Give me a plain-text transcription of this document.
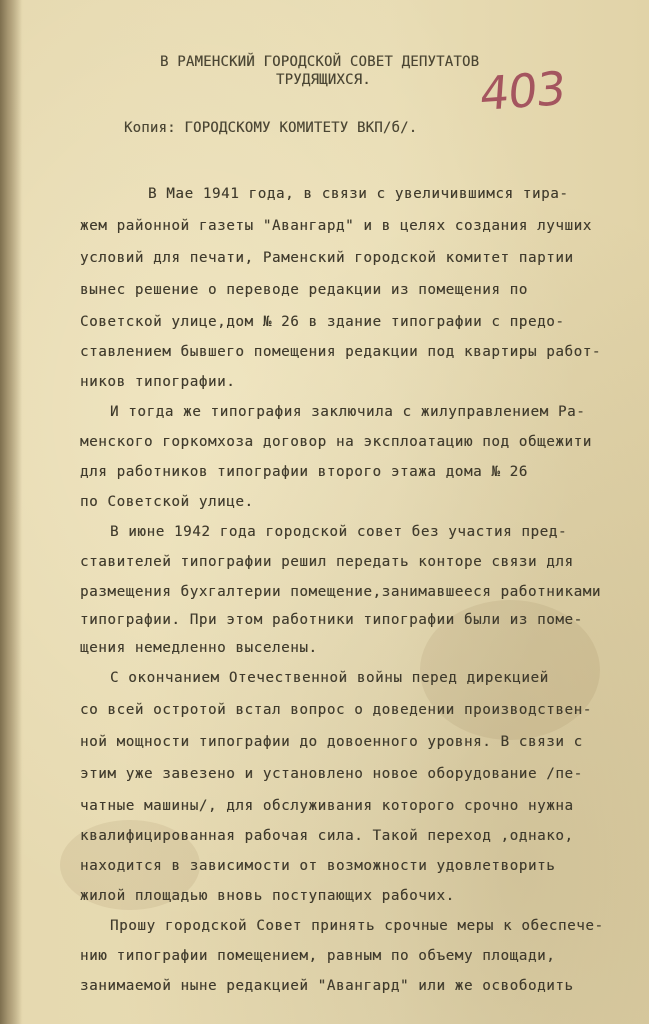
В РАМЕНСКИЙ ГОРОДСКОЙ СОВЕТ ДЕПУТАТОВ
ТРУДЯЩИХСЯ. 403
Копия: ГОРОДСКОМУ КОМИТЕТУ ВКП/б/.
В Мае 1941 года, в связи с увеличившимся тира-
жем районной газеты "Авангард" и в целях создания лучших
условий для печати, Раменский городской комитет партии
вынес решение о переводе редакции из помещения по
Советской улице,дом № 26 в здание типографии с предо-
ставлением бывшего помещения редакции под квартиры работ-
ников типографии.
И тогда же типография заключила с жилуправлением Ра-
менского горкомхоза договор на эксплоатацию под общежити
для работников типографии второго этажа дома № 26
по Советской улице.
В июне 1942 года городской совет без участия пред-
ставителей типографии решил передать конторе связи для
размещения бухгалтерии помещение,занимавшееся работниками
типографии. При этом работники типографии были из поме-
щения немедленно выселены.
С окончанием Отечественной войны перед дирекцией
со всей остротой встал вопрос о доведении производствен-
ной мощности типографии до довоенного уровня. В связи с
этим уже завезено и установлено новое оборудование /пе-
чатные машины/, для обслуживания которого срочно нужна
квалифицированная рабочая сила. Такой переход ,однако,
находится в зависимости от возможности удовлетворить
жилой площадью вновь поступающих рабочих.
Прошу городской Совет принять срочные меры к обеспече-
нию типографии помещением, равным по объему площади,
занимаемой ныне редакцией "Авангард" или же освободить
